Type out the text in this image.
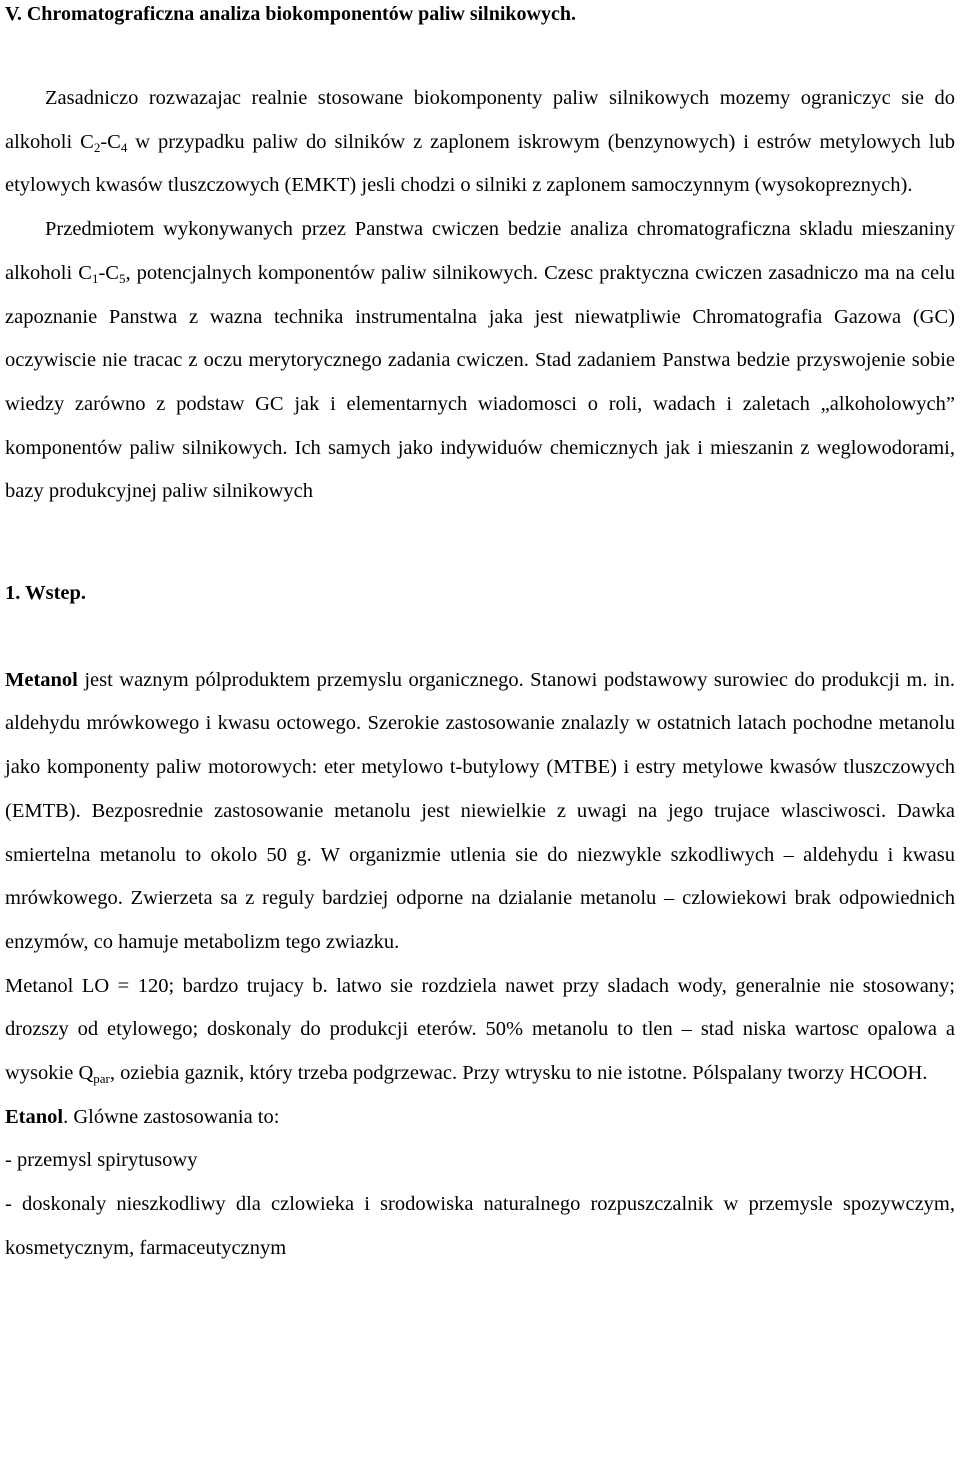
V. Chromatograficzna analiza biokomponentów paliw silnikowych.

Zasadniczo rozwazajac realnie stosowane biokomponenty paliw silnikowych mozemy ograniczyc sie do alkoholi $C_2-C_4$ w przypadku paliw do silników z zaplonem iskrowym (benzynowych) i estrów metylowych lub etylowych kwasów tluszczowych (EMKT) jesli chodzi o silniki z zaplonem samoczynnym (wysokopreznych).

Przedmiotem wykonywanych przez Panstwa cwiczen bedzie analiza chromatograficzna skladu mieszaniny alkoholi $C_1-C_5$, potencjalnych komponentów paliw silnikowych. Czesc praktyczna cwiczen zasadniczo ma na celu zapoznanie Panstwa z wazna technika instrumentalna jaka jest niewatpliwie Chromatografia Gazowa (GC) oczywiscie nie tracac z oczu merytorycznego zadania cwiczen. Stad zadaniem Panstwa bedzie przyswojenie sobie wiedzy zarówno z podstaw GC jak i elementarnych wiadomosci o roli, wadach i zaletach „alkoholowych” komponentów paliw silnikowych. Ich samych jako indywiduów chemicznych jak i mieszanin z weglowodorami, bazy produkcyjnej paliw silnikowych

1. Wstep.

Metanol jest waznym pólproduktem przemyslu organicznego. Stanowi podstawowy surowiec do produkcji m. in. aldehydu mrówkowego i kwasu octowego. Szerokie zastosowanie znalazly w ostatnich latach pochodne metanolu jako komponenty paliw motorowych: eter metylowo t-butylowy (MTBE) i estry metylowe kwasów tluszczowych (EMTB). Bezposrednie zastosowanie metanolu jest niewielkie z uwagi na jego trujace wlasciwosci. Dawka smiertelna metanolu to okolo 50 g. W organizmie utlenia sie do niezwykle szkodliwych – aldehydu i kwasu mrówkowego. Zwierzeta sa z reguly bardziej odporne na dzialanie metanolu – czlowiekowi brak odpowiednich enzymów, co hamuje metabolizm tego zwiazku.

Metanol LO = 120; bardzo trujacy b. latwo sie rozdziela nawet przy sladach wody, generalnie nie stosowany; drozszy od etylowego; doskonaly do produkcji eterów. 50% metanolu to tlen – stad niska wartosc opalowa a wysokie $Q_{par}$, oziebia gaznik, który trzeba podgrzewac. Przy wtrysku to nie istotne. Pólspalany tworzy HCOOH.

Etanol. Glówne zastosowania to:

- przemysl spirytusowy

- doskonaly nieszkodliwy dla czlowieka i srodowiska naturalnego rozpuszczalnik w przemysle spozywczym, kosmetycznym, farmaceutycznym
